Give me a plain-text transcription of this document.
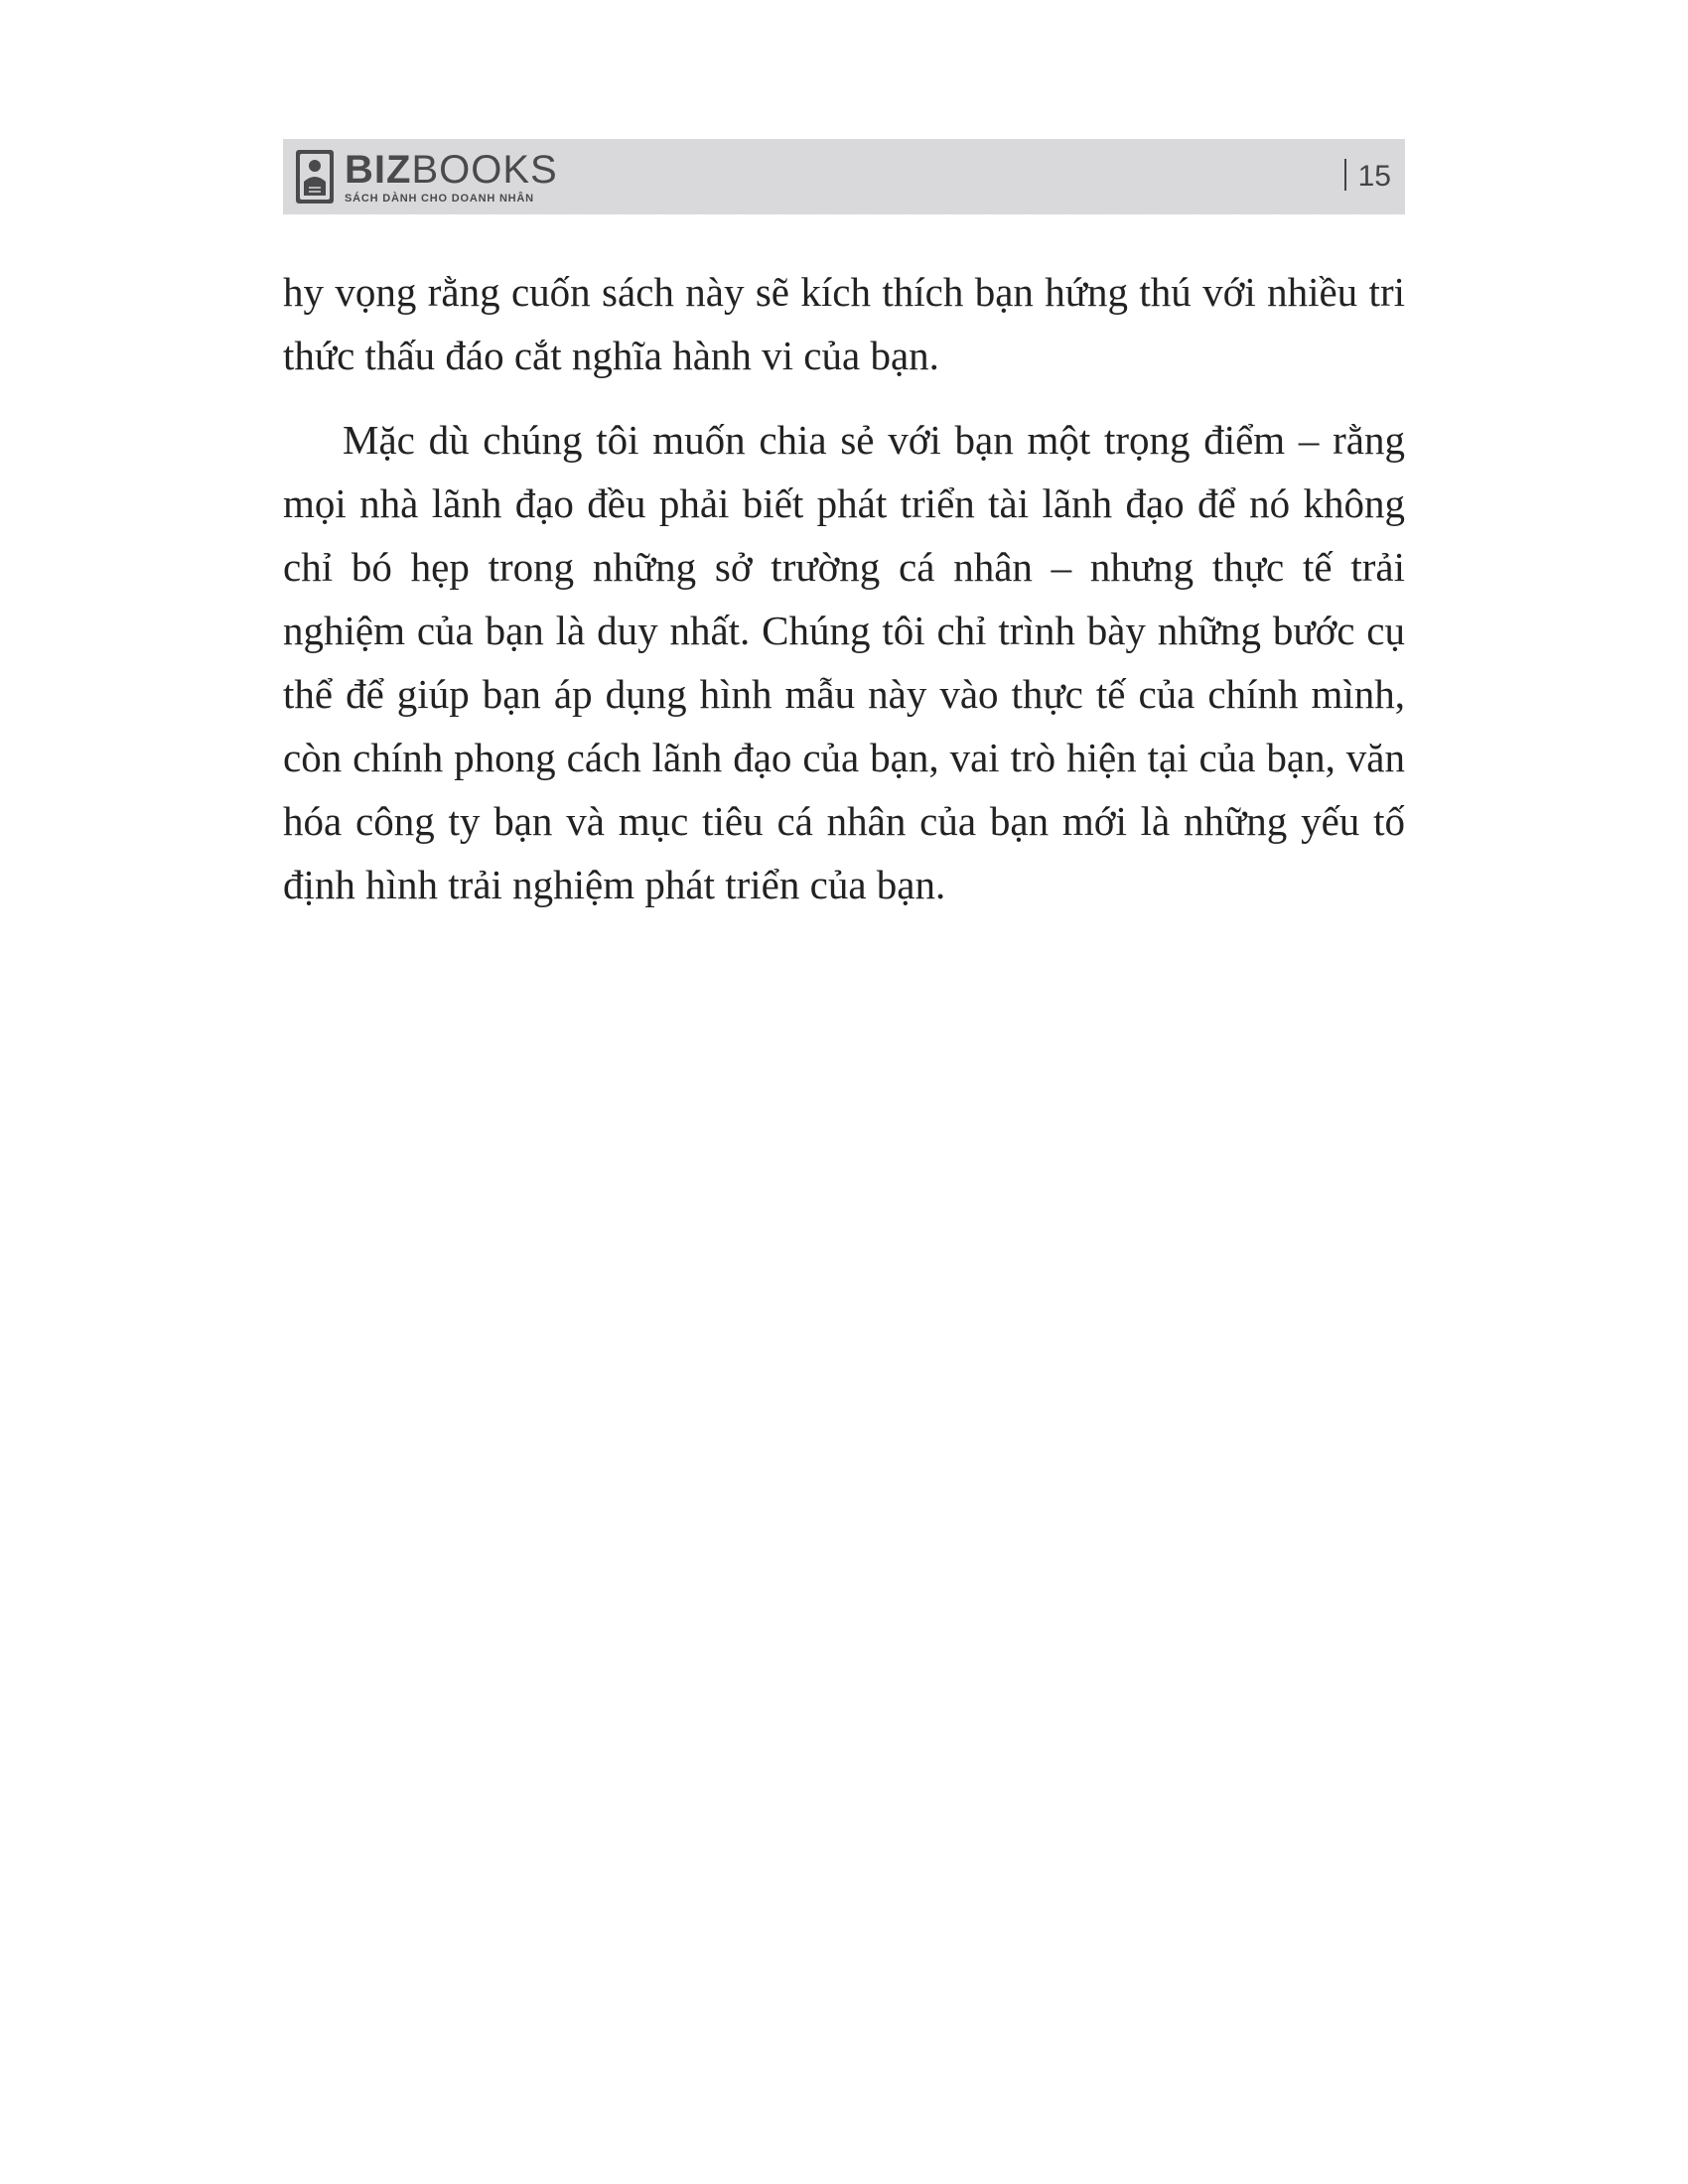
BIZBOOKS
SÁCH DÀNH CHO DOANH NHÂN
15

hy vọng rằng cuốn sách này sẽ kích thích bạn hứng thú với nhiều tri thức thấu đáo cắt nghĩa hành vi của bạn.

Mặc dù chúng tôi muốn chia sẻ với bạn một trọng điểm – rằng mọi nhà lãnh đạo đều phải biết phát triển tài lãnh đạo để nó không chỉ bó hẹp trong những sở trường cá nhân – nhưng thực tế trải nghiệm của bạn là duy nhất. Chúng tôi chỉ trình bày những bước cụ thể để giúp bạn áp dụng hình mẫu này vào thực tế của chính mình, còn chính phong cách lãnh đạo của bạn, vai trò hiện tại của bạn, văn hóa công ty bạn và mục tiêu cá nhân của bạn mới là những yếu tố định hình trải nghiệm phát triển của bạn.
